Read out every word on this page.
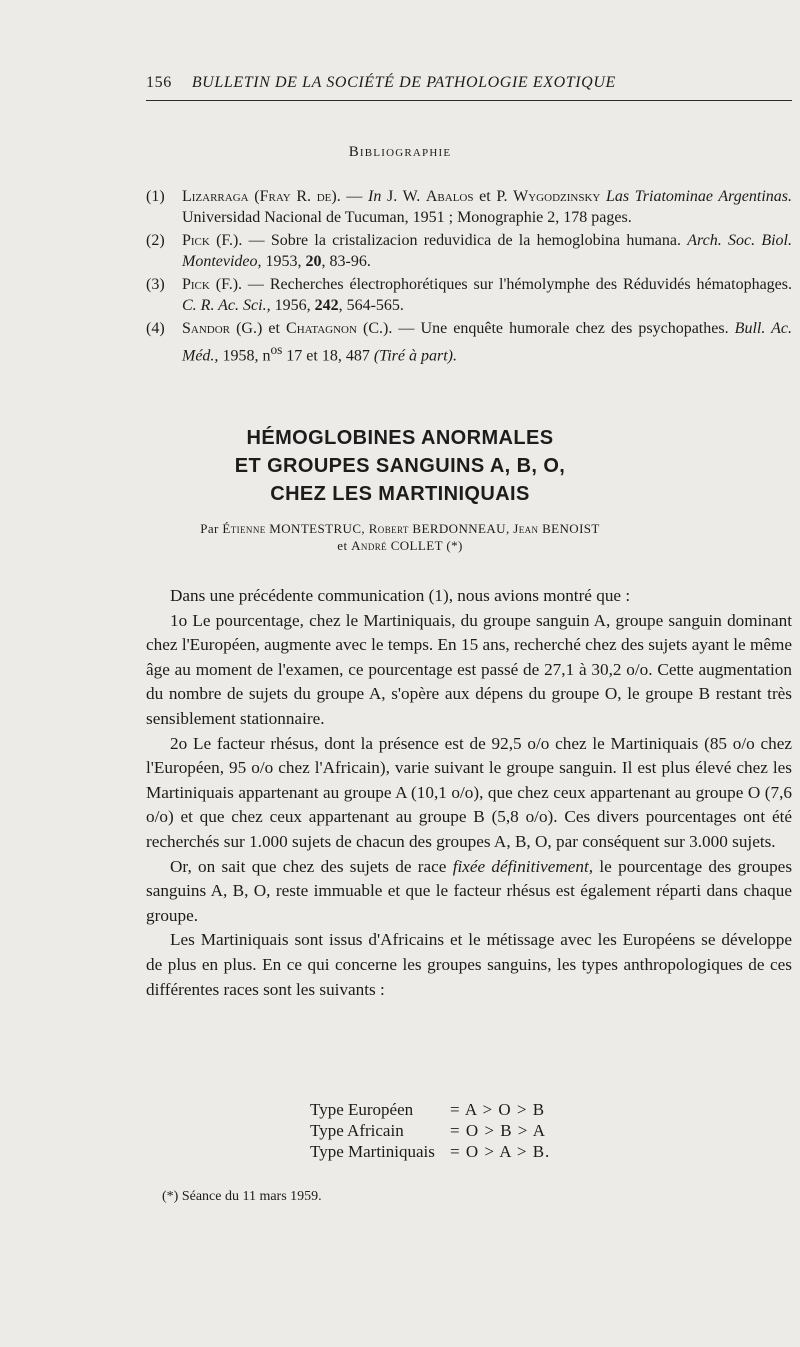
156 BULLETIN DE LA SOCIÉTÉ DE PATHOLOGIE EXOTIQUE
Bibliographie
(1)	Lizarraga (Fray R. de). — In J. W. Abalos et P. Wygodzinsky Las Triatominae Argentinas. Universidad Nacional de Tucuman, 1951 ; Monographie 2, 178 pages.
(2)	Pick (F.). — Sobre la cristalizacion reduvidica de la hemoglobina humana. Arch. Soc. Biol. Montevideo, 1953, 20, 83-96.
(3)	Pick (F.). — Recherches électrophorétiques sur l'hémolymphe des Réduvidés hématophages. C. R. Ac. Sci., 1956, 242, 564-565.
(4)	Sandor (G.) et Chatagnon (C.). — Une enquête humorale chez des psychopathes. Bull. Ac. Méd., 1958, $n^{os}$ 17 et 18, 487 (Tiré à part).
HÉMOGLOBINES ANORMALES
ET GROUPES SANGUINS A, B, O,
CHEZ LES MARTINIQUAIS
Par Étienne MONTESTRUC, Robert BERDONNEAU, Jean BENOIST
et André COLLET (*)

Dans une précédente communication (1), nous avions montré que :

1o Le pourcentage, chez le Martiniquais, du groupe sanguin A, groupe sanguin dominant chez l'Européen, augmente avec le temps. En 15 ans, recherché chez des sujets ayant le même âge au moment de l'examen, ce pourcentage est passé de 27,1 à 30,2 o/o. Cette augmentation du nombre de sujets du groupe A, s'opère aux dépens du groupe O, le groupe B restant très sensiblement stationnaire.

2o Le facteur rhésus, dont la présence est de 92,5 o/o chez le Martiniquais (85 o/o chez l'Européen, 95 o/o chez l'Africain), varie suivant le groupe sanguin. Il est plus élevé chez les Martiniquais appartenant au groupe A (10,1 o/o), que chez ceux appartenant au groupe O (7,6 o/o) et que chez ceux appartenant au groupe B (5,8 o/o). Ces divers pourcentages ont été recherchés sur 1.000 sujets de chacun des groupes A, B, O, par conséquent sur 3.000 sujets.

Or, on sait que chez des sujets de race fixée définitivement, le pourcentage des groupes sanguins A, B, O, reste immuable et que le facteur rhésus est également réparti dans chaque groupe.

Les Martiniquais sont issus d'Africains et le métissage avec les Européens se développe de plus en plus. En ce qui concerne les groupes sanguins, les types anthropologiques de ces différentes races sont les suivants :

Type Européen	= A > O > B
Type Africain	= O > B > A
Type Martiniquais = O > A > B.
(*) Séance du 11 mars 1959.
